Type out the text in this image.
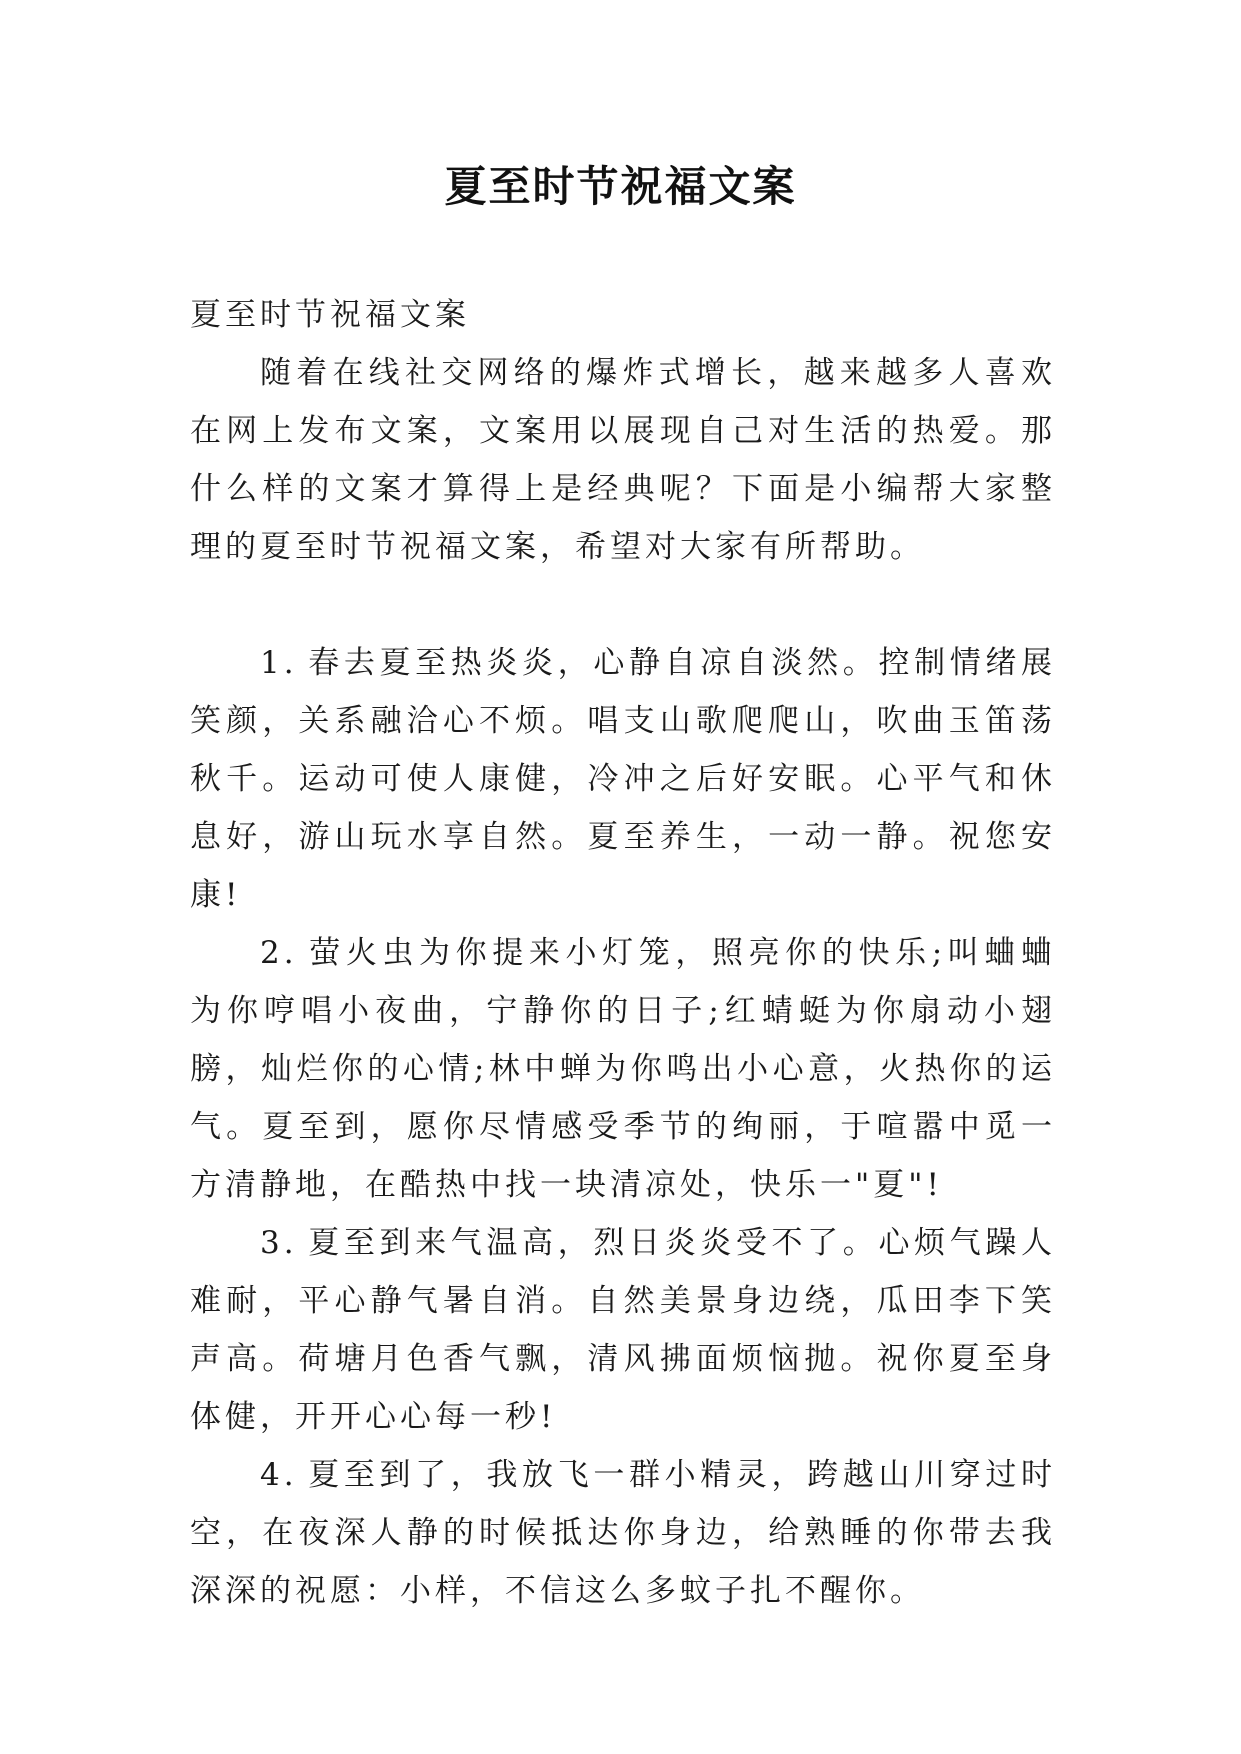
夏至时节祝福文案

夏至时节祝福文案

随着在线社交网络的爆炸式增长，越来越多人喜欢在网上发布文案，文案用以展现自己对生活的热爱。那什么样的文案才算得上是经典呢？下面是小编帮大家整理的夏至时节祝福文案，希望对大家有所帮助。

1. 春去夏至热炎炎，心静自凉自淡然。控制情绪展笑颜，关系融洽心不烦。唱支山歌爬爬山，吹曲玉笛荡秋千。运动可使人康健，冷冲之后好安眠。心平气和休息好，游山玩水享自然。夏至养生，一动一静。祝您安康!

2. 萤火虫为你提来小灯笼，照亮你的快乐;叫蛐蛐为你哼唱小夜曲，宁静你的日子;红蜻蜓为你扇动小翅膀，灿烂你的心情;林中蝉为你鸣出小心意，火热你的运气。夏至到，愿你尽情感受季节的绚丽，于喧嚣中觅一方清静地，在酷热中找一块清凉处，快乐一"夏"!

3. 夏至到来气温高，烈日炎炎受不了。心烦气躁人难耐，平心静气暑自消。自然美景身边绕，瓜田李下笑声高。荷塘月色香气飘，清风拂面烦恼抛。祝你夏至身体健，开开心心每一秒!

4. 夏至到了，我放飞一群小精灵，跨越山川穿过时空，在夜深人静的时候抵达你身边，给熟睡的你带去我深深的祝愿：小样，不信这么多蚊子扎不醒你。
